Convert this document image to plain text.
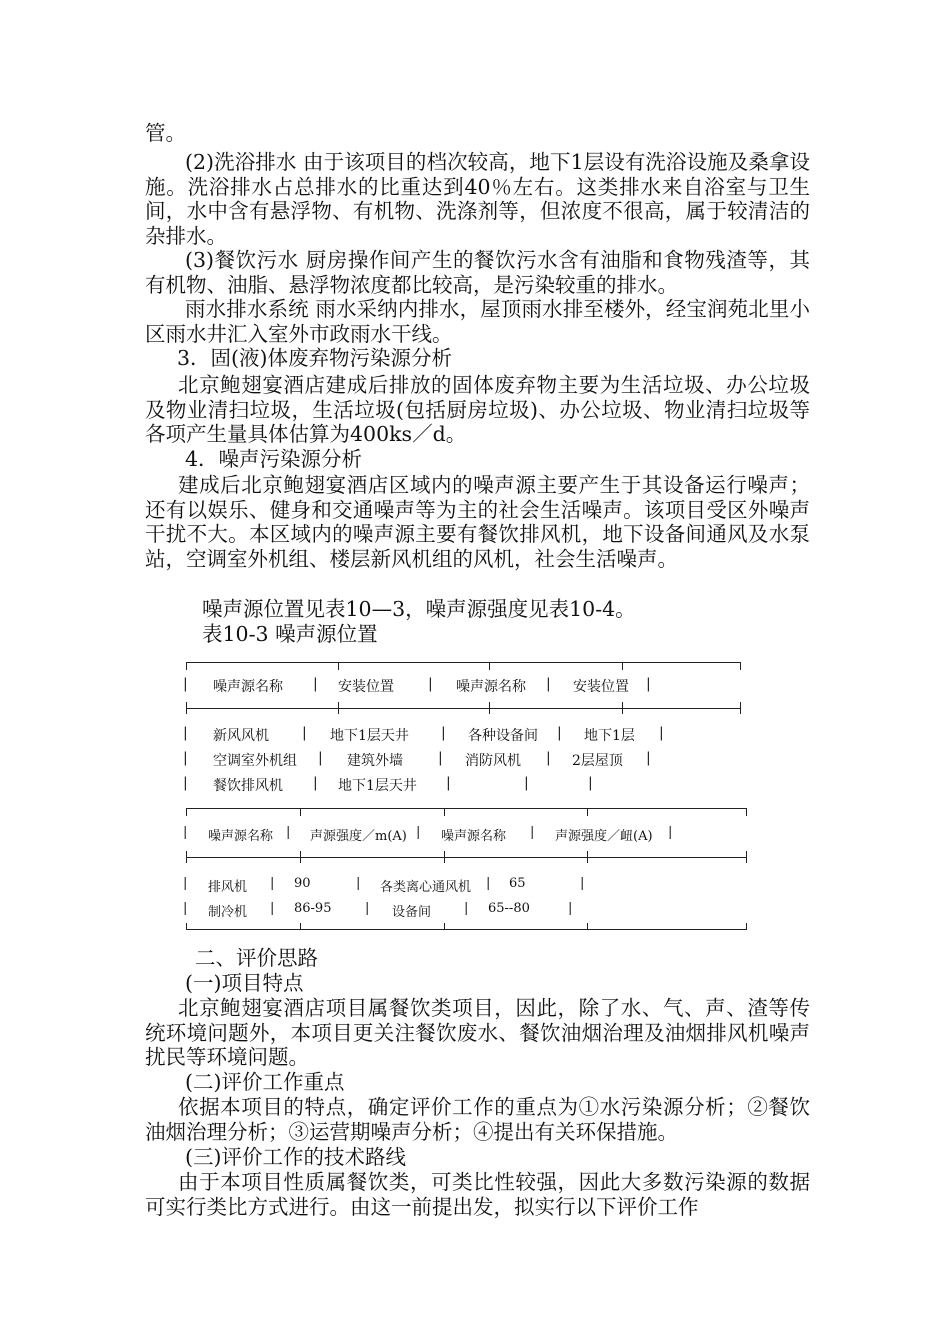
管。

(2)洗浴排水 由于该项目的档次较高，地下1层设有洗浴设施及桑拿设施。洗浴排水占总排水的比重达到40％左右。这类排水来自浴室与卫生间，水中含有悬浮物、有机物、洗涤剂等，但浓度不很高，属于较清洁的杂排水。

(3)餐饮污水 厨房操作间产生的餐饮污水含有油脂和食物残渣等，其有机物、油脂、悬浮物浓度都比较高，是污染较重的排水。

雨水排水系统 雨水采纳内排水，屋顶雨水排至楼外，经宝润苑北里小区雨水井汇入室外市政雨水干线。

3．固(液)体废弃物污染源分析

北京鲍翅宴酒店建成后排放的固体废弃物主要为生活垃圾、办公垃圾及物业清扫垃圾，生活垃圾(包括厨房垃圾)、办公垃圾、物业清扫垃圾等各项产生量具体估算为400ks／d。

4．噪声污染源分析

建成后北京鲍翅宴酒店区域内的噪声源主要产生于其设备运行噪声；还有以娱乐、健身和交通噪声等为主的社会生活噪声。该项目受区外噪声干扰不大。本区域内的噪声源主要有餐饮排风机，地下设备间通风及水泵站，空调室外机组、楼层新风机组的风机，社会生活噪声。

噪声源位置见表10—3，噪声源强度见表10-4。

表10-3 噪声源位置

| 噪声源名称 | 安装位置 | 噪声源名称 | 安装位置 |
| 新风风机 | 地下1层天井 | 各种设备间 | 地下1层 |
| 空调室外机组 | 建筑外墙	| 消防风机 | 2层屋顶 |
| 餐饮排风机 | 地下1层天井 |	|	|
| 噪声源名称 | 声源强度／m(A) | 噪声源名称 | 声源强度／衄(A) |
| 排风机 | 90	| 各类离心通风机 | 65	|
| 制冷机 | 86-95	| 设备间	| 65--80	|

二、评价思路

(一)项目特点

北京鲍翅宴酒店项目属餐饮类项目，因此，除了水、气、声、渣等传统环境问题外，本项目更关注餐饮废水、餐饮油烟治理及油烟排风机噪声扰民等环境问题。

(二)评价工作重点

依据本项目的特点，确定评价工作的重点为①水污染源分析；②餐饮油烟治理分析；③运营期噪声分析；④提出有关环保措施。

(三)评价工作的技术路线

由于本项目性质属餐饮类，可类比性较强，因此大多数污染源的数据可实行类比方式进行。由这一前提出发，拟实行以下评价工作
